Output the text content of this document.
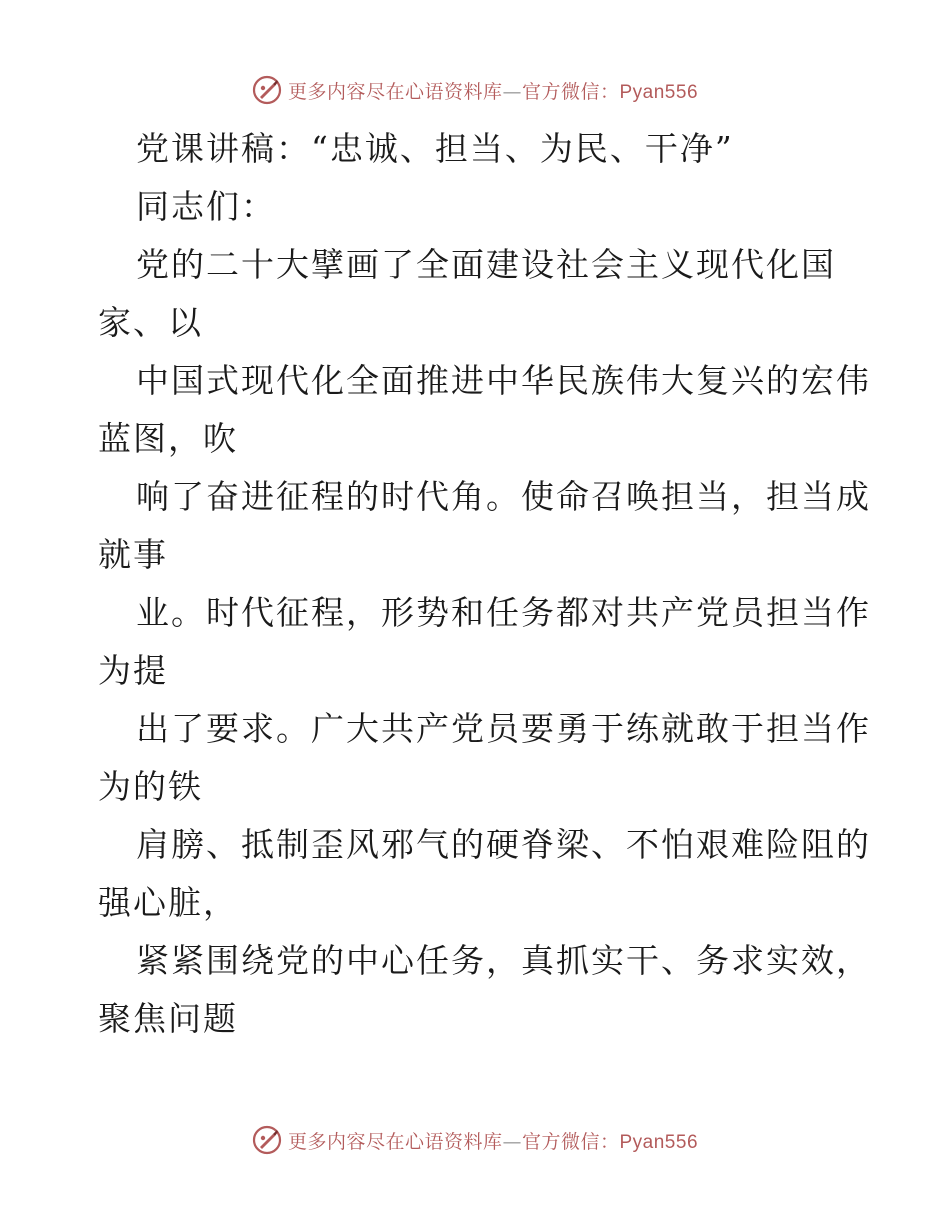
更多内容尽在心语资料库—官方微信：Pyan556
党课讲稿：“忠诚、担当、为民、干净”
同志们：
党的二十大擘画了全面建设社会主义现代化国
家、以
中国式现代化全面推进中华民族伟大复兴的宏伟
蓝图，吹
响了奋进征程的时代角。使命召唤担当，担当成
就事
业。时代征程，形势和任务都对共产党员担当作
为提
出了要求。广大共产党员要勇于练就敢于担当作
为的铁
肩膀、抵制歪风邪气的硬脊梁、不怕艰难险阻的
强心脏，
紧紧围绕党的中心任务，真抓实干、务求实效，
聚焦问题
更多内容尽在心语资料库—官方微信：Pyan556
